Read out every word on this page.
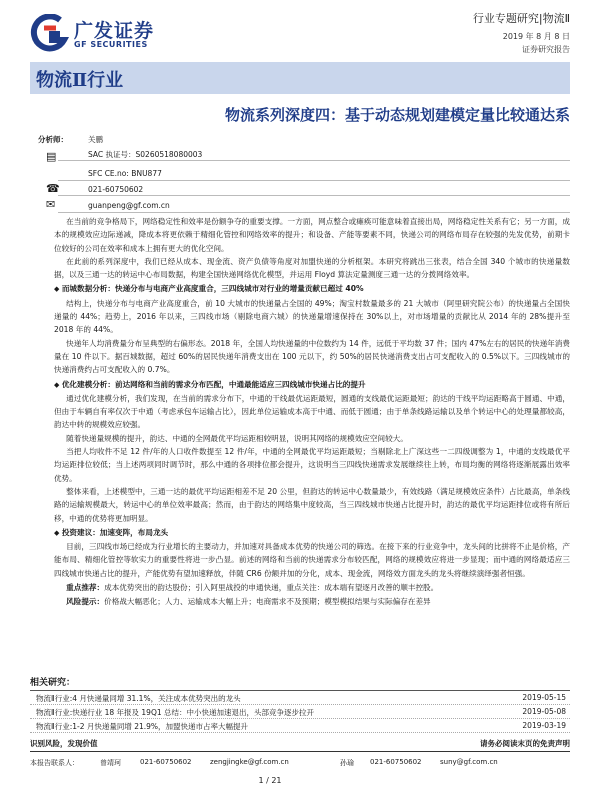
广发证券
GF SECURITIES
行业专题研究|物流Ⅱ
2019 年 8 月 8 日
证券研究报告
物流Ⅱ行业
物流系列深度四：基于动态规划建模定量比较通达系
分析师：	关鹏
▤	SAC 执证号：S0260518080003
SFC CE.no: BNU877
☎	021-60750602
✉	guanpeng@gf.com.cn

在当前的竞争格局下，网络稳定性和效率是份额争夺的重要支撑。一方面，网点整合或瘫痪可能意味着直接出局，网络稳定性关系有它；另一方面，成本的规模效应边际递减，降成本将更依赖于精细化管控和网络效率的提升；和设备、产能等要素不同，快递公司的网络布局存在较强的先发优势，前期卡位较好的公司在效率和成本上拥有更大的优化空间。

在此前的系列深度中，我们已经从成本、现金流、资产负债等角度对加盟快递的分析框架。本研究将跳出三张表，结合全国 340 个城市的快递量数据，以及三通一达的转运中心布局数据，构建全国快递网络优化模型，并运用 Floyd 算法定量测度三通一达的分拨网络效率。

◆ 而城数据分析：快递分布与电商产业高度重合，三四线城市对行业的增量贡献已超过 40%

结构上，快递分布与电商产业高度重合，前 10 大城市的快递量占全国的 49%；淘宝村数量最多的 21 大城市（阿里研究院公布）的快递量占全国快递量的 44%；趋势上，2016 年以来，三四线市场（剔除电商六城）的快递量增速保持在 30%以上，对市场增量的贡献比从 2014 年的 28%提升至 2018 年的 44%。

快递年人均消费量分布呈典型的右偏形态。2018 年，全国人均快递量的中位数约为 14 件，远低于平均数 37 件；国内 47%左右的居民的快递年消费量在 10 件以下。据百城数据，超过 60%的居民快递年消费支出在 100 元以下，约 50%的居民快递消费支出占可支配收入的 0.5%以下。三四线城市的快递消费约占可支配收入的 0.7%。

◆ 优化建模分析：前达网络和当前的需求分布匹配，中通最能适应三四线城市快递占比的提升

通过优化建模分析，我们发现，在当前的需求分布下，中通的干线最优运距最短，圆通的支线最优运距最短；韵达的干线平均运距略高于圆通、中通，但由于车辆自有率仅次于中通（考虑承包车运输占比），因此单位运输成本高于中通、而低于圆通；由于单条线路运输以及单个转运中心的处理量都较高，韵达中转的规模效应较强。

随着快递量规模的提升，韵达、中通的全网最优平均运距相较明显，说明其网络的规模效应空间较大。

当把人均收件不足 12 件/年的人口收件数提至 12 件/年，中通的全网最优平均运距最短；当剔除北上广深这些一二四级调整为 1，中通的支线最优平均运距排位较低；当上述两项同时调节时，那么中通的各项排位都会提升，这说明当三四线快递需求发展继续往上转，布局均衡的网络将逐渐展露出效率优势。

整体来看，上述模型中，三通一达的最优平均运距相差不足 20 公里，但韵达的转运中心数量最少，有效线路（满足规模效应条件）占比最高，单条线路的运输规模最大，转运中心的单位效率最高；然而，由于韵达的网络集中度较高，当三四线城市快递占比提升时，韵达的最优平均运距排位或将有所后移，中通的优势将更加明显。

◆ 投资建议：加速变阵，布局龙头

目前，三四线市场已经成为行业增长的主要动力，并加速对具备成本优势的快递公司的筛选。在接下来的行业竞争中，龙头间的比拼将不止是价格，产能布局、精细化管控等软实力的重要性将进一步凸显。前述的网络和当前的快递需求分布较匹配，网络的规模效应将进一步显现；而中通的网络最适应三四线城市快递占比的提升，产能优势有望加速释放，伴随 CR6 份额并加的分化，成本、现金流，网络效方面龙头的龙头将继续演绎强者恒强。

重点推荐：成本优势突出的韵达股份；引入阿里战投的申通快递，重点关注：成本端有望逐月改善的顺丰控股。

风险提示：价格战大幅恶化；人力、运输成本大幅上升；电商需求不及预期；模型模拟结果与实际偏存在差异

相关研究：
物流Ⅱ行业:4 月快递量同增 31.1%，关注成本优势突出的龙头	2019-05-15
物流Ⅱ行业:快递行业 18 年报及 19Q1 总结：中小快递加速退出，头部竞争逐步拉开	2019-05-08
物流Ⅱ行业:1-2 月快递量同增 21.9%，加盟快递市占率大幅提升	2019-03-19
识别风险，发现价值	请务必阅读末页的免责声明
本报告联系人：	曾靖珂	021-60750602	zengjingke@gf.com.cn	孙瑜 021-60750602	suny@gf.com.cn
1 / 21
